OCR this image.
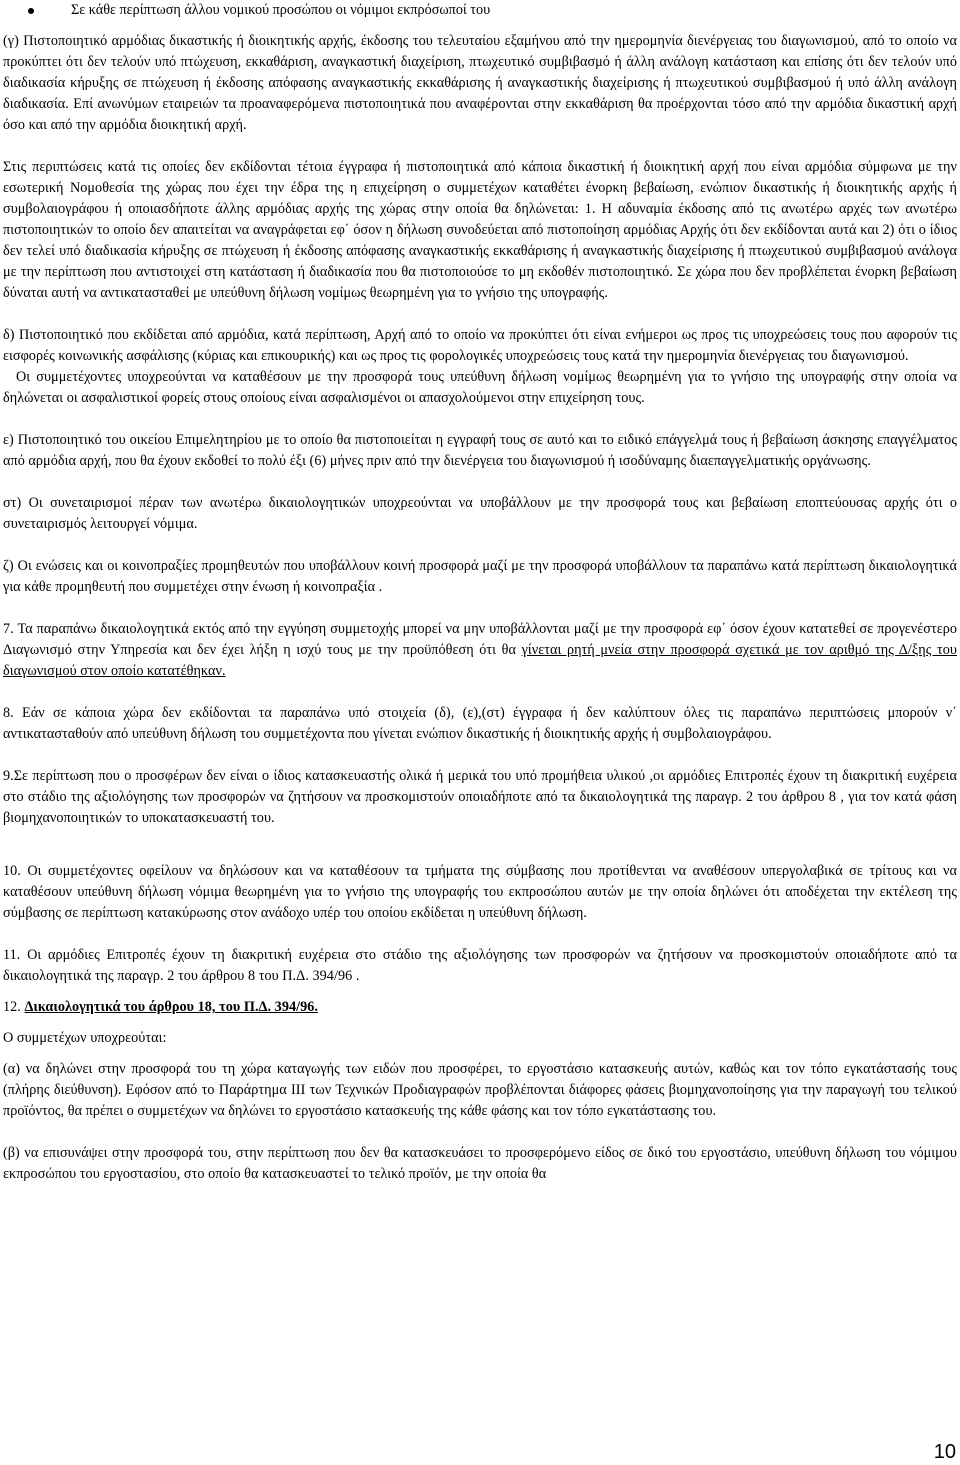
Σε κάθε περίπτωση άλλου νομικού προσώπου οι νόμιμοι εκπρόσωποί του

(γ) Πιστοποιητικό αρμόδιας δικαστικής ή διοικητικής αρχής, έκδοσης του τελευταίου εξαμήνου από την ημερομηνία διενέργειας του διαγωνισμού, από το οποίο να προκύπτει ότι δεν τελούν υπό πτώχευση, εκκαθάριση, αναγκαστική διαχείριση, πτωχευτικό συμβιβασμό ή άλλη ανάλογη κατάσταση και επίσης ότι δεν τελούν υπό διαδικασία κήρυξης σε πτώχευση ή έκδοσης απόφασης αναγκαστικής εκκαθάρισης ή αναγκαστικής διαχείρισης ή πτωχευτικού συμβιβασμού ή υπό άλλη ανάλογη διαδικασία. Επί ανωνύμων εταιρειών τα προαναφερόμενα πιστοποιητικά που αναφέρονται στην εκκαθάριση θα προέρχονται τόσο από την αρμόδια δικαστική αρχή όσο και από την αρμόδια διοικητική αρχή.

Στις περιπτώσεις κατά τις οποίες δεν εκδίδονται τέτοια έγγραφα ή πιστοποιητικά από κάποια δικαστική ή διοικητική αρχή που είναι αρμόδια σύμφωνα με την εσωτερική Νομοθεσία της χώρας που έχει την έδρα της η επιχείρηση ο συμμετέχων καταθέτει ένορκη βεβαίωση, ενώπιον δικαστικής ή διοικητικής αρχής ή συμβολαιογράφου ή οποιασδήποτε άλλης αρμόδιας αρχής της χώρας στην οποία θα δηλώνεται: 1. Η αδυναμία έκδοσης από τις ανωτέρω αρχές των ανωτέρω πιστοποιητικών το οποίο δεν απαιτείται να αναγράφεται εφ΄ όσον η δήλωση συνοδεύεται από πιστοποίηση αρμόδιας Αρχής ότι δεν εκδίδονται αυτά και 2) ότι ο ίδιος δεν τελεί υπό διαδικασία κήρυξης σε πτώχευση ή έκδοσης απόφασης αναγκαστικής εκκαθάρισης ή αναγκαστικής διαχείρισης ή πτωχευτικού συμβιβασμού ανάλογα με την περίπτωση που αντιστοιχεί στη κατάσταση ή διαδικασία που θα πιστοποιούσε το μη εκδοθέν πιστοποιητικό. Σε χώρα που δεν προβλέπεται ένορκη βεβαίωση δύναται αυτή να αντικατασταθεί με υπεύθυνη δήλωση νομίμως θεωρημένη για το γνήσιο της υπογραφής.

δ) Πιστοποιητικό που εκδίδεται από αρμόδια, κατά περίπτωση, Αρχή από το οποίο να προκύπτει ότι είναι ενήμεροι ως προς τις υποχρεώσεις τους που αφορούν τις εισφορές κοινωνικής ασφάλισης (κύριας και επικουρικής) και ως προς τις φορολογικές υποχρεώσεις τους κατά την ημερομηνία διενέργειας του διαγωνισμού.

Οι συμμετέχοντες υποχρεούνται να καταθέσουν με την προσφορά τους υπεύθυνη δήλωση νομίμως θεωρημένη για το γνήσιο της υπογραφής στην οποία να δηλώνεται οι ασφαλιστικοί φορείς στους οποίους είναι ασφαλισμένοι οι απασχολούμενοι στην επιχείρηση τους.

ε) Πιστοποιητικό του οικείου Επιμελητηρίου με το οποίο θα πιστοποιείται η εγγραφή τους σε αυτό και το ειδικό επάγγελμά τους ή βεβαίωση άσκησης επαγγέλματος από αρμόδια αρχή, που θα έχουν εκδοθεί το πολύ έξι (6) μήνες πριν από την διενέργεια του διαγωνισμού ή ισοδύναμης διαεπαγγελματικής οργάνωσης.

στ) Οι συνεταιρισμοί πέραν των ανωτέρω δικαιολογητικών υποχρεούνται να υποβάλλουν με την προσφορά τους και βεβαίωση εποπτεύουσας αρχής ότι ο συνεταιρισμός λειτουργεί νόμιμα.

ζ) Οι ενώσεις και οι κοινοπραξίες προμηθευτών που υποβάλλουν κοινή προσφορά μαζί με την προσφορά υποβάλλουν τα παραπάνω κατά περίπτωση δικαιολογητικά για κάθε προμηθευτή που συμμετέχει στην ένωση ή κοινοπραξία .

7. Τα παραπάνω δικαιολογητικά εκτός από την εγγύηση συμμετοχής μπορεί να μην υποβάλλονται μαζί με την προσφορά εφ΄ όσον έχουν κατατεθεί σε προγενέστερο Διαγωνισμό στην Υπηρεσία και δεν έχει λήξη η ισχύ τους με την προϋπόθεση ότι θα γίνεται ρητή μνεία στην προσφορά σχετικά με τον αριθμό της Δ/ξης του διαγωνισμού στον οποίο κατατέθηκαν.

8. Εάν σε κάποια χώρα δεν εκδίδονται τα παραπάνω υπό στοιχεία (δ), (ε),(στ) έγγραφα ή δεν καλύπτουν όλες τις παραπάνω περιπτώσεις μπορούν ν΄ αντικατασταθούν από υπεύθυνη δήλωση του συμμετέχοντα που γίνεται ενώπιον δικαστικής ή διοικητικής αρχής ή συμβολαιογράφου.

9.Σε περίπτωση που ο προσφέρων δεν είναι ο ίδιος κατασκευαστής ολικά ή μερικά του υπό προμήθεια υλικού ,οι αρμόδιες Επιτροπές έχουν τη διακριτική ευχέρεια στο στάδιο της αξιολόγησης των προσφορών να ζητήσουν να προσκομιστούν οποιαδήποτε από τα δικαιολογητικά της παραγρ. 2 του άρθρου 8 , για τον κατά φάση βιομηχανοποιητικών το υποκατασκευαστή του.

10. Οι συμμετέχοντες οφείλουν να δηλώσουν και να καταθέσουν τα τμήματα της σύμβασης που προτίθενται να αναθέσουν υπεργολαβικά σε τρίτους και να καταθέσουν υπεύθυνη δήλωση νόμιμα θεωρημένη για το γνήσιο της υπογραφής του εκπροσώπου αυτών με την οποία δηλώνει ότι αποδέχεται την εκτέλεση της σύμβασης σε περίπτωση κατακύρωσης στον ανάδοχο υπέρ του οποίου εκδίδεται η υπεύθυνη δήλωση.

11. Οι αρμόδιες Επιτροπές έχουν τη διακριτική ευχέρεια στο στάδιο της αξιολόγησης των προσφορών να ζητήσουν να προσκομιστούν οποιαδήποτε από τα δικαιολογητικά της παραγρ. 2 του άρθρου 8 του Π.Δ. 394/96 .

12. Δικαιολογητικά του άρθρου 18, του Π.Δ. 394/96.

Ο συμμετέχων υποχρεούται:

(α) να δηλώνει στην προσφορά του τη χώρα καταγωγής των ειδών που προσφέρει, το εργοστάσιο κατασκευής αυτών, καθώς και τον τόπο εγκατάστασής τους (πλήρης διεύθυνση). Εφόσον από το Παράρτημα ΙΙΙ των Τεχνικών Προδιαγραφών προβλέπονται διάφορες φάσεις βιομηχανοποίησης για την παραγωγή του τελικού προϊόντος, θα πρέπει ο συμμετέχων να δηλώνει το εργοστάσιο κατασκευής της κάθε φάσης και τον τόπο εγκατάστασης του.

(β) να επισυνάψει στην προσφορά του, στην περίπτωση που δεν θα κατασκευάσει το προσφερόμενο είδος σε δικό του εργοστάσιο, υπεύθυνη δήλωση του νόμιμου εκπροσώπου του εργοστασίου, στο οποίο θα κατασκευαστεί το τελικό προϊόν, με την οποία θα

10
